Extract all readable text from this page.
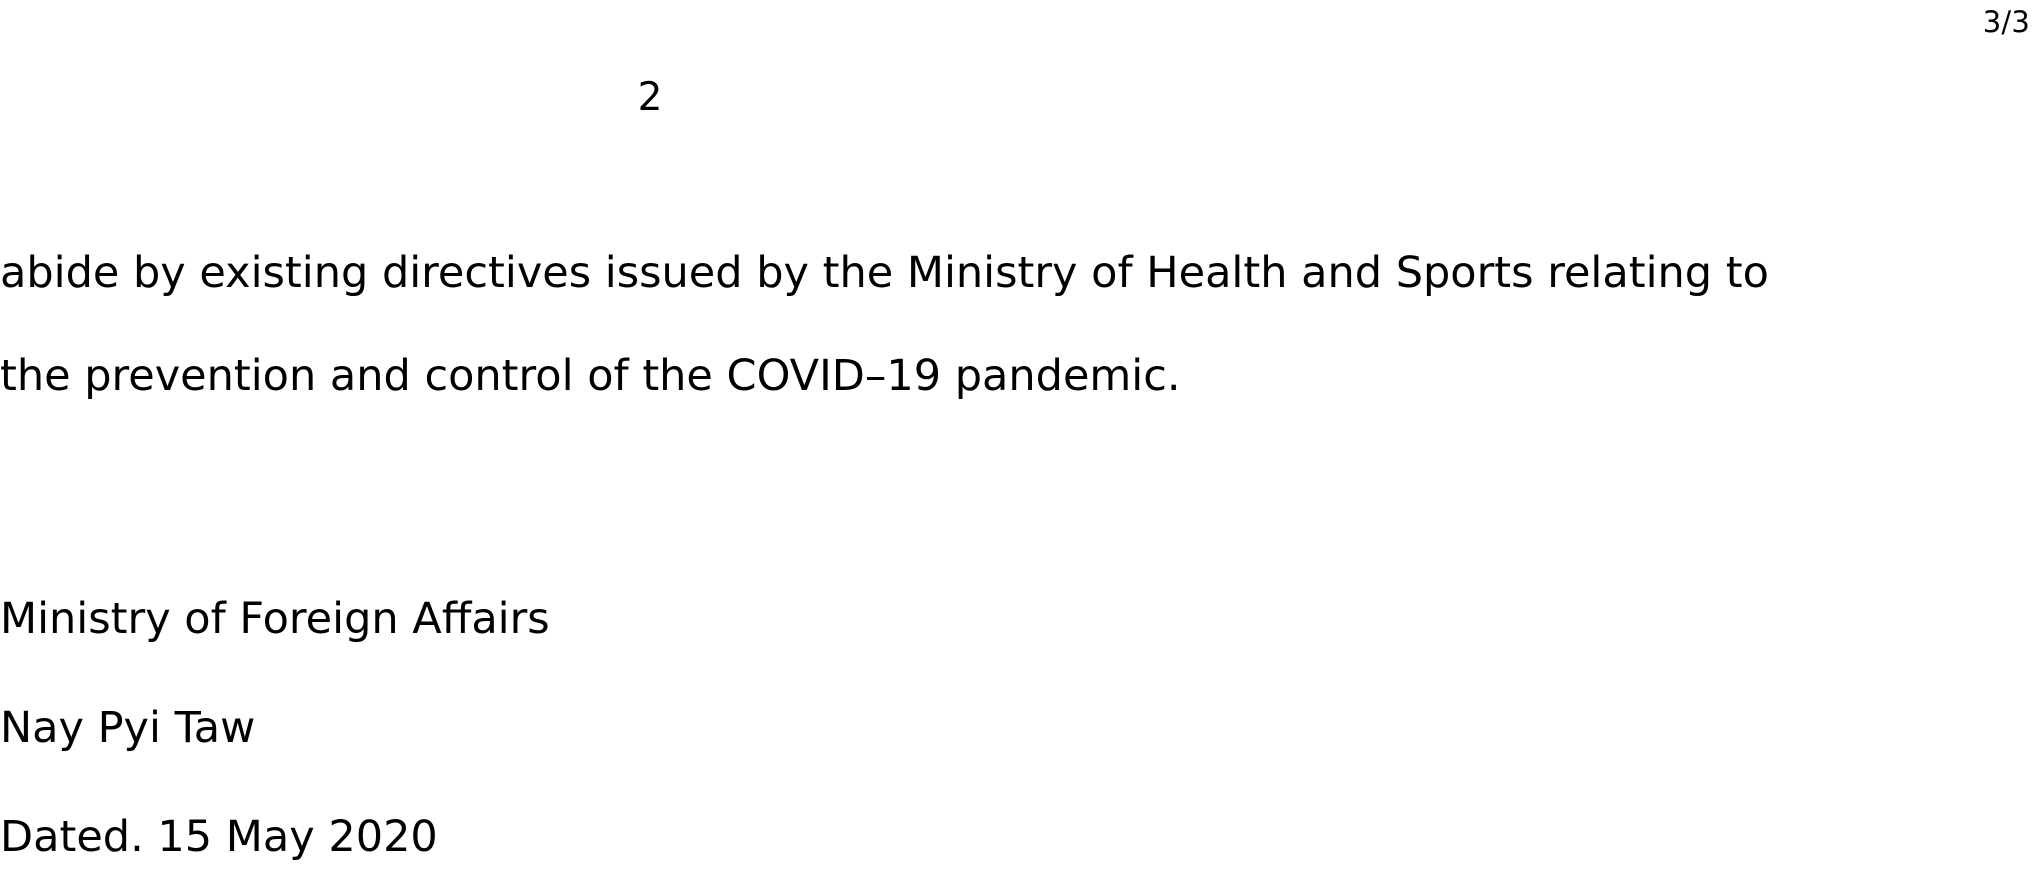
3/3
2

abide by existing directives issued by the Ministry of Health and Sports relating to
the prevention and control of the COVID–19 pandemic.

Ministry of Foreign Affairs
Nay Pyi Taw
Dated. 15 May 2020
